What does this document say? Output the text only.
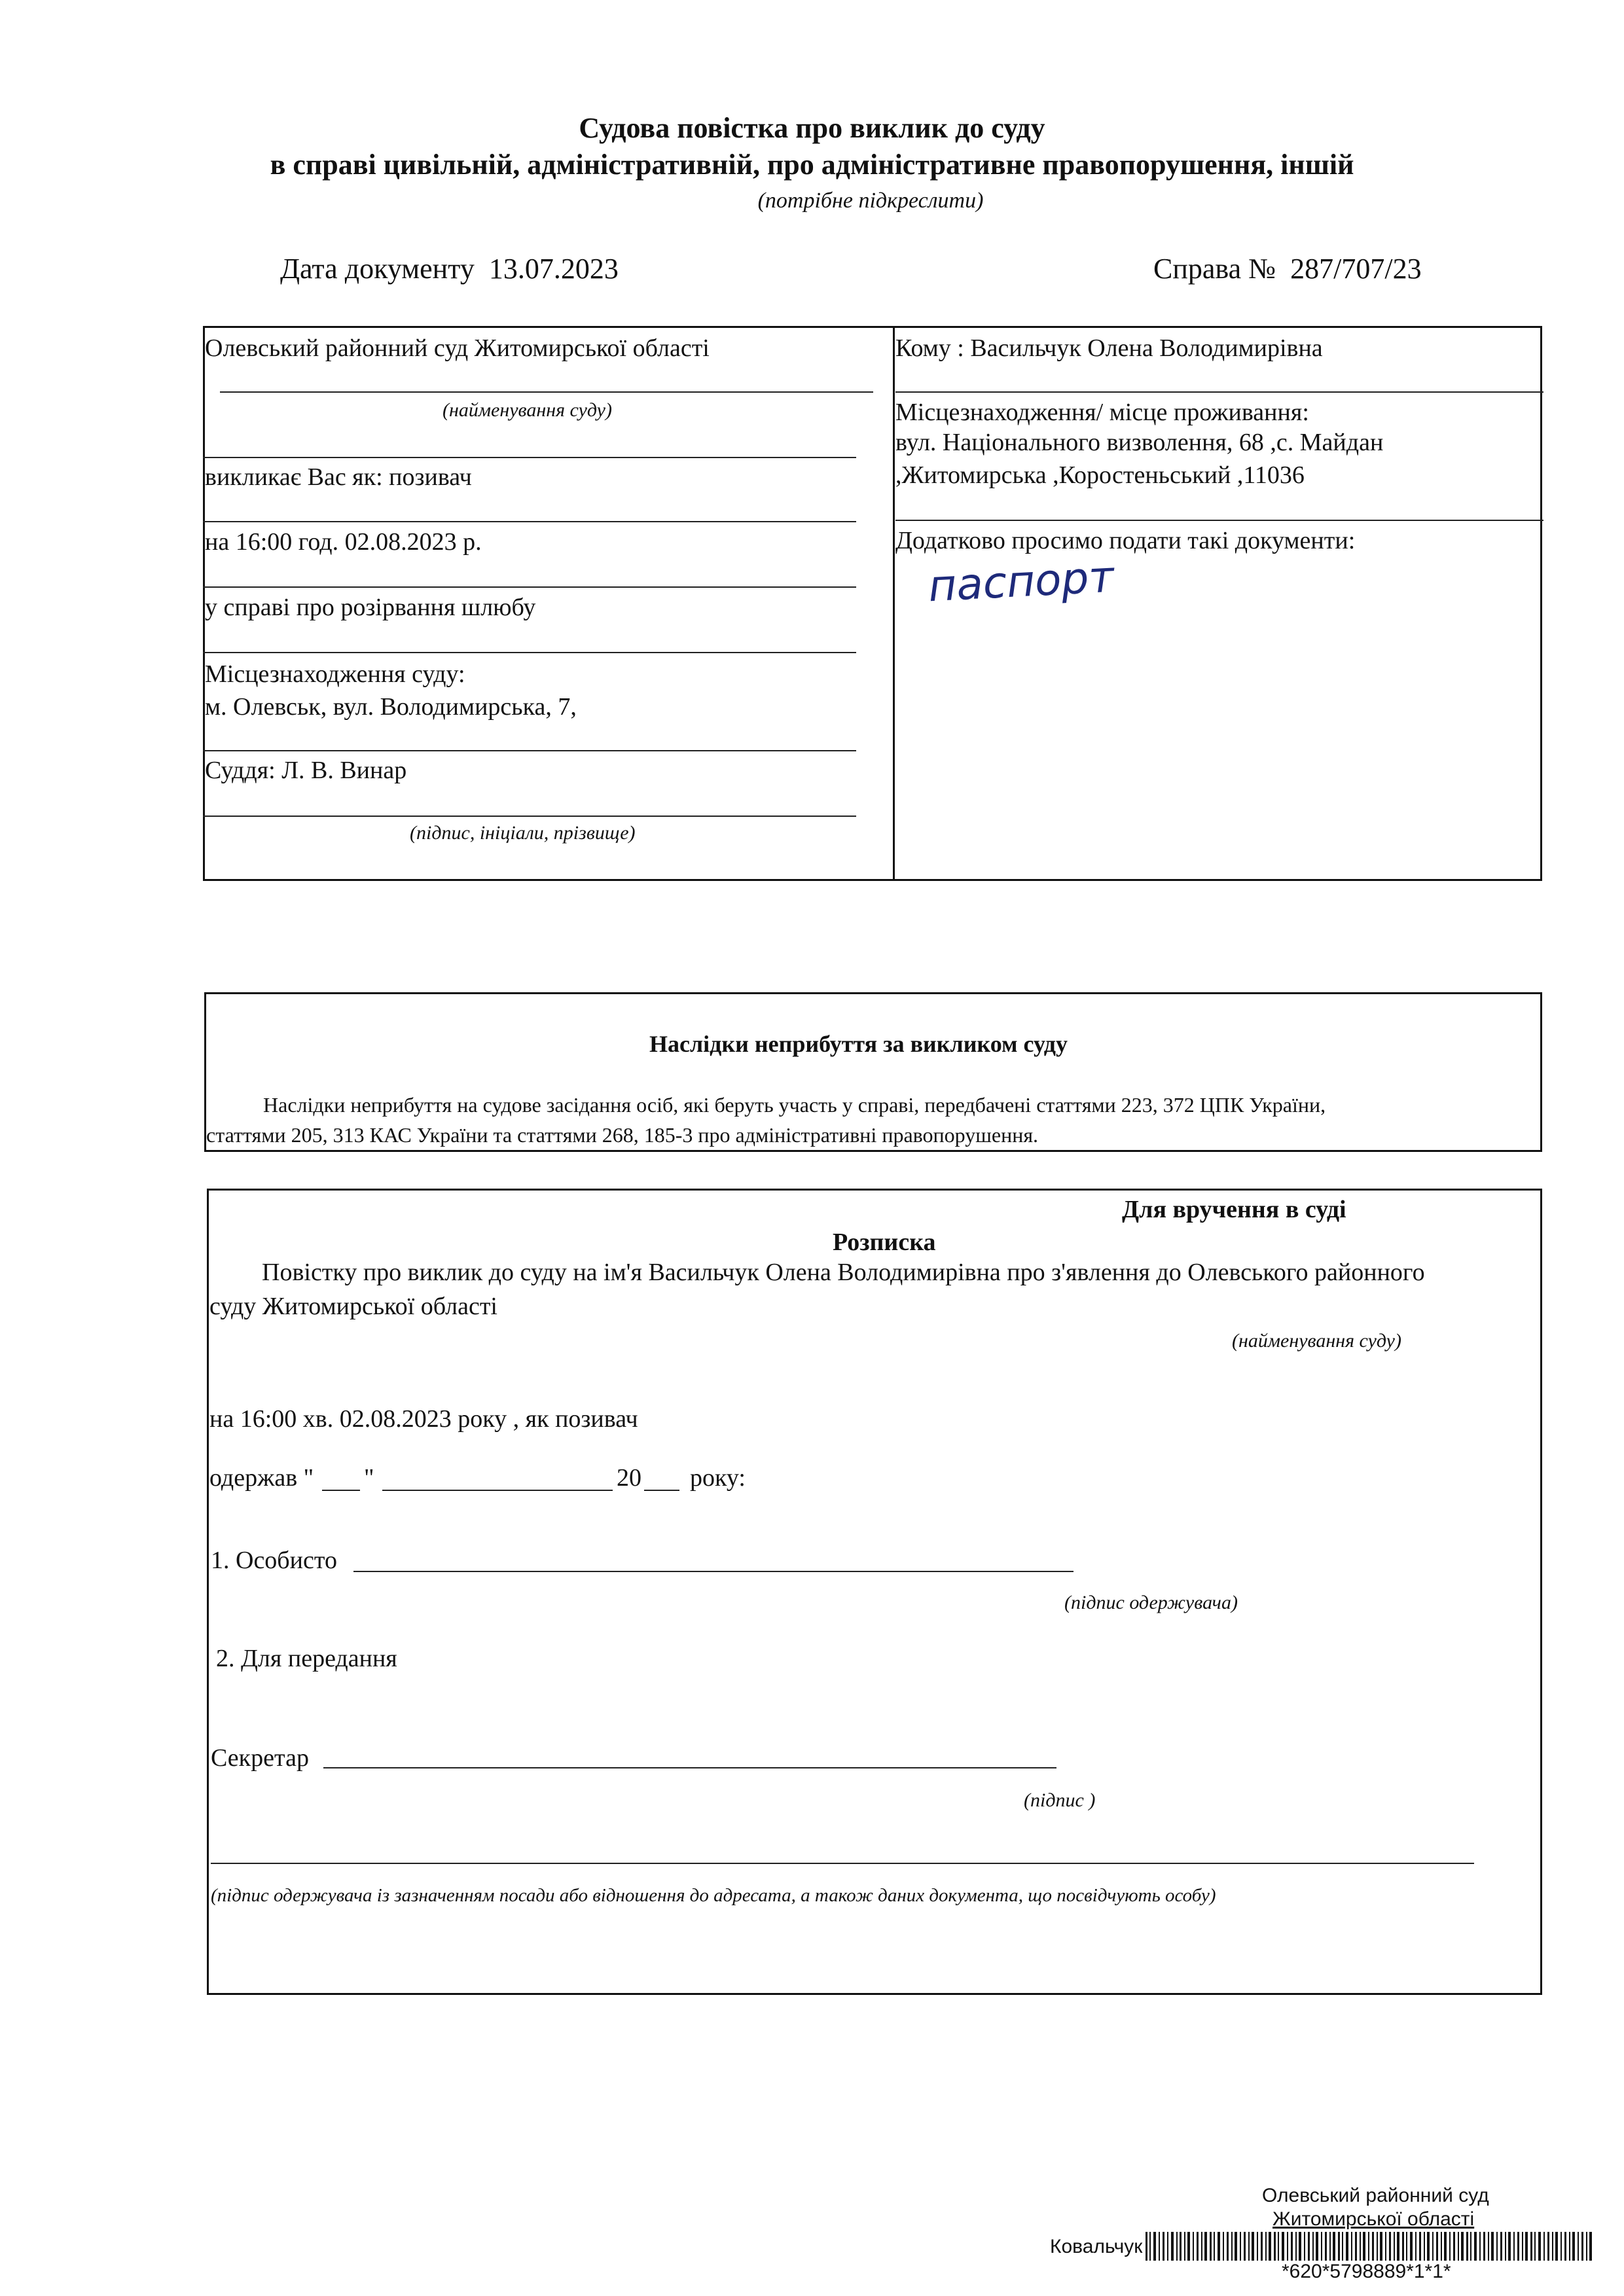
Судова повістка про виклик до суду
в справі цивільній, адміністративній, про адміністративне правопорушення, іншій
(потрібне підкреслити)
Дата документу 13.07.2023	Справа № 287/707/23
Олевський районний суд Житомирської області
(найменування суду)
викликає Вас як: позивач
на 16:00 год. 02.08.2023 р.
у справі про розірвання шлюбу
Місцезнаходження суду:
м. Олевськ, вул. Володимирська, 7,
Суддя: Л. В. Винар
(підпис, ініціали, прізвище)
Кому : Васильчук Олена Володимирівна
Місцезнаходження/ місце проживання:
вул. Національного визволення, 68 ,с. Майдан
,Житомирська ,Коростеньський ,11036
Додатково просимо подати такі документи:
паспорт
Наслідки неприбуття за викликом суду
Наслідки неприбуття на судове засідання осіб, які беруть участь у справі, передбачені статтями 223, 372 ЦПК України,
статтями 205, 313 КАС України та статтями 268, 185-3 про адміністративні правопорушення.
Для вручення в суді
Розписка
Повістку про виклик до суду на ім'я Васильчук Олена Володимирівна про з'явлення до Олевського районного
суду Житомирської області
(найменування суду)
на 16:00 хв. 02.08.2023 року , як позивач
одержав " "	20 року:
1. Особисто
(підпис одержувача)
2. Для передання
Секретар
(підпис )
(підпис одержувача із зазначенням посади або відношення до адресата, а також даних документа, що посвідчують особу)
Олевський районний суд
Житомирської області
Ковальчук
*620*5798889*1*1*
